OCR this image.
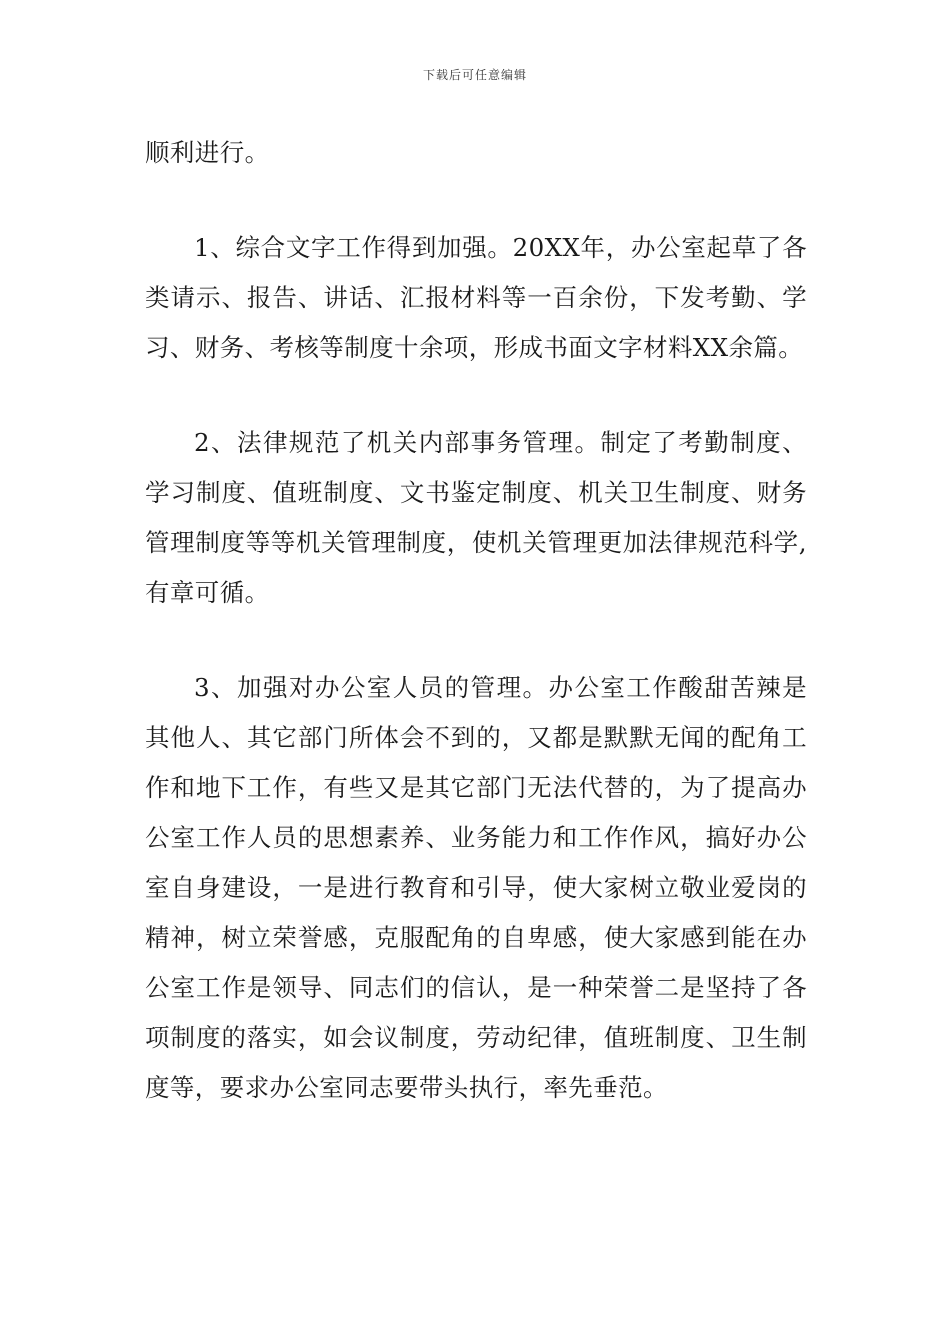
下载后可任意编辑

顺利进行。

1、综合文字工作得到加强。20XX年，办公室起草了各类请示、报告、讲话、汇报材料等一百余份，下发考勤、学习、财务、考核等制度十余项，形成书面文字材料XX余篇。

2、法律规范了机关内部事务管理。制定了考勤制度、学习制度、值班制度、文书鉴定制度、机关卫生制度、财务管理制度等等机关管理制度，使机关管理更加法律规范科学,有章可循。

3、加强对办公室人员的管理。办公室工作酸甜苦辣是其他人、其它部门所体会不到的，又都是默默无闻的配角工作和地下工作，有些又是其它部门无法代替的，为了提高办公室工作人员的思想素养、业务能力和工作作风，搞好办公室自身建设，一是进行教育和引导，使大家树立敬业爱岗的精神，树立荣誉感，克服配角的自卑感，使大家感到能在办公室工作是领导、同志们的信认，是一种荣誉二是坚持了各项制度的落实，如会议制度，劳动纪律，值班制度、卫生制度等，要求办公室同志要带头执行，率先垂范。
